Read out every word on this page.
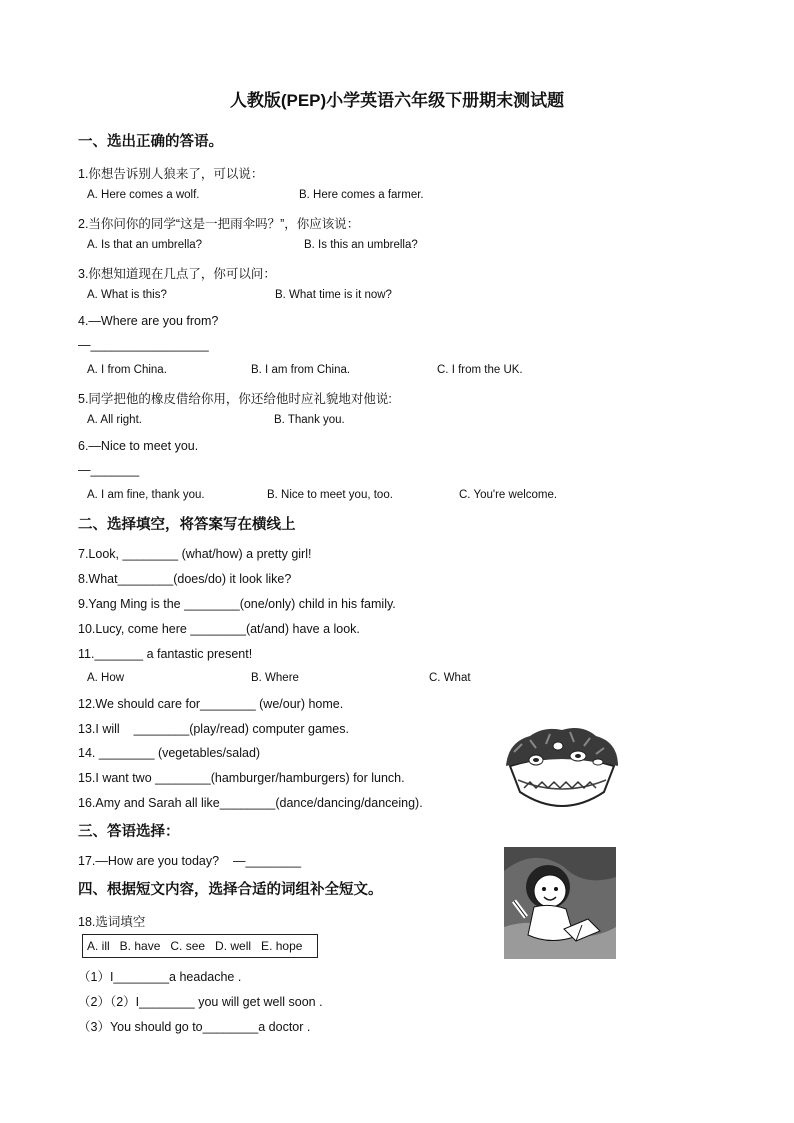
人教版(PEP)小学英语六年级下册期末测试题
一、选出正确的答语。
1.你想告诉别人狼来了，可以说：
A. Here comes a wolf.	B. Here comes a farmer.
2.当你问你的同学“这是一把雨伞吗？”，你应该说：
A. Is that an umbrella?	B. Is this an umbrella?
3.你想知道现在几点了，你可以问：
A. What is this?	B. What time is it now?
4.—Where are you from?
—_________________
A. I from China.	B. I am from China.	C. I from the UK.
5.同学把他的橡皮借给你用，你还给他时应礼貌地对他说:
A. All right.	B. Thank you.
6.—Nice to meet you.
—_______
A. I am fine, thank you.	B. Nice to meet you, too.	C. You're welcome.
二、选择填空，将答案写在横线上
7.Look, ________ (what/how) a pretty girl!
8.What________(does/do) it look like?
9.Yang Ming is the ________(one/only) child in his family.
10.Lucy, come here ________(at/and) have a look.
11._______ a fantastic present!
A. How	B. Where	C. What
12.We should care for________ (we/our) home.
13.I will    ________(play/read) computer games.
14. ________ (vegetables/salad)
15.I want two ________(hamburger/hamburgers) for lunch.
16.Amy and Sarah all like________(dance/dancing/danceing).
三、答语选择：
17.—How are you today?    —________
四、根据短文内容，选择合适的词组补全短文。
18.选词填空
A. ill   B. have   C. see   D. well   E. hope
（1）I________a headache .
（2）（2）I________ you will get well soon .
（3）You should go to________a doctor .
